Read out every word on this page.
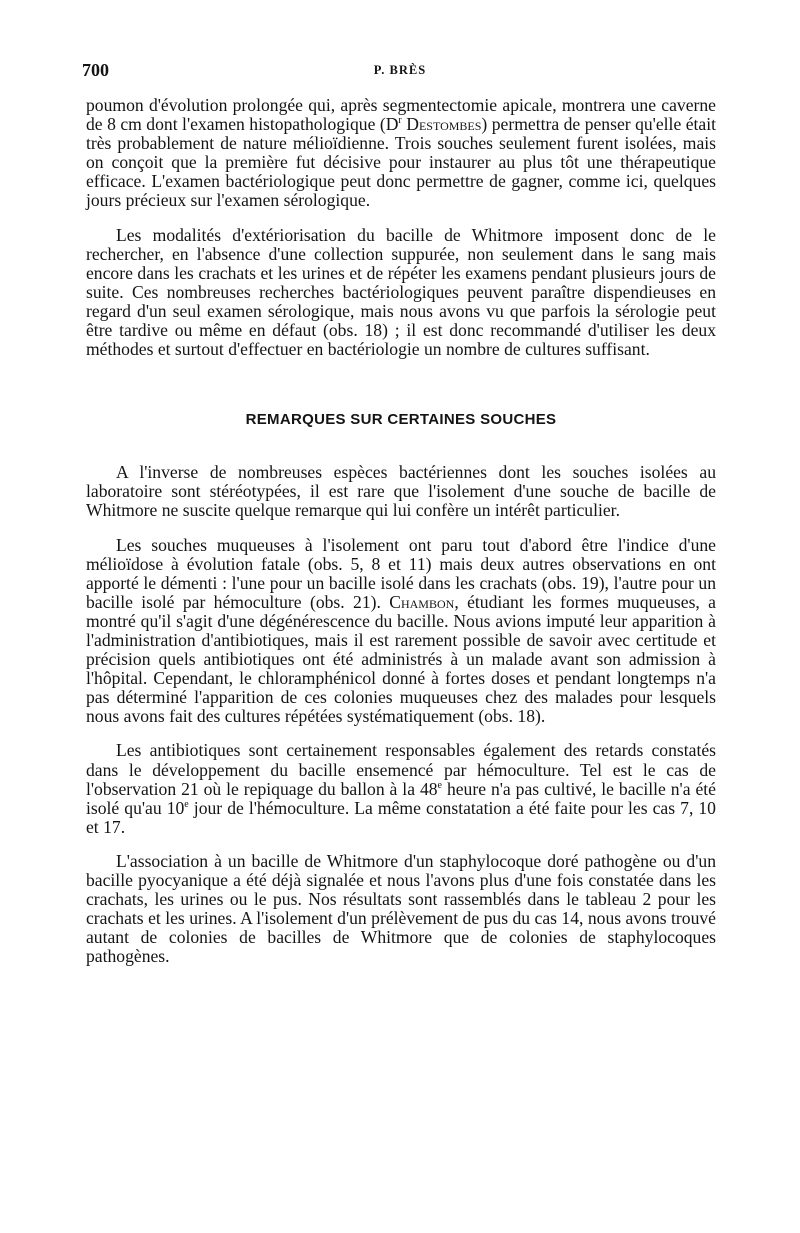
700	P. BRÈS

poumon d'évolution prolongée qui, après segmentectomie apicale, montrera une caverne de 8 cm dont l'examen histopathologique ($D^r$ Destombes) permettra de penser qu'elle était très probablement de nature mélioïdienne. Trois souches seulement furent isolées, mais on conçoit que la première fut décisive pour instaurer au plus tôt une thérapeutique efficace. L'examen bactériologique peut donc permettre de gagner, comme ici, quelques jours précieux sur l'examen sérologique.

Les modalités d'extériorisation du bacille de Whitmore imposent donc de le rechercher, en l'absence d'une collection suppurée, non seulement dans le sang mais encore dans les crachats et les urines et de répéter les examens pendant plusieurs jours de suite. Ces nombreuses recherches bactériologiques peuvent paraître dispendieuses en regard d'un seul examen sérologique, mais nous avons vu que parfois la sérologie peut être tardive ou même en défaut (obs. 18) ; il est donc recommandé d'utiliser les deux méthodes et surtout d'effectuer en bactériologie un nombre de cultures suffisant.

REMARQUES SUR CERTAINES SOUCHES

A l'inverse de nombreuses espèces bactériennes dont les souches isolées au laboratoire sont stéréotypées, il est rare que l'isolement d'une souche de bacille de Whitmore ne suscite quelque remarque qui lui confère un intérêt particulier.

Les souches muqueuses à l'isolement ont paru tout d'abord être l'indice d'une mélioïdose à évolution fatale (obs. 5, 8 et 11) mais deux autres observations en ont apporté le démenti : l'une pour un bacille isolé dans les crachats (obs. 19), l'autre pour un bacille isolé par hémoculture (obs. 21). Chambon, étudiant les formes muqueuses, a montré qu'il s'agit d'une dégénérescence du bacille. Nous avions imputé leur apparition à l'administration d'antibiotiques, mais il est rarement possible de savoir avec certitude et précision quels antibiotiques ont été administrés à un malade avant son admission à l'hôpital. Cependant, le chloramphénicol donné à fortes doses et pendant longtemps n'a pas déterminé l'apparition de ces colonies muqueuses chez des malades pour lesquels nous avons fait des cultures répétées systématiquement (obs. 18).

Les antibiotiques sont certainement responsables également des retards constatés dans le développement du bacille ensemencé par hémoculture. Tel est le cas de l'observation 21 où le repiquage du ballon à la 48e heure n'a pas cultivé, le bacille n'a été isolé qu'au 10e jour de l'hémoculture. La même constatation a été faite pour les cas 7, 10 et 17.

L'association à un bacille de Whitmore d'un staphylocoque doré pathogène ou d'un bacille pyocyanique a été déjà signalée et nous l'avons plus d'une fois constatée dans les crachats, les urines ou le pus. Nos résultats sont rassemblés dans le tableau 2 pour les crachats et les urines. A l'isolement d'un prélèvement de pus du cas 14, nous avons trouvé autant de colonies de bacilles de Whitmore que de colonies de staphylocoques pathogènes.
